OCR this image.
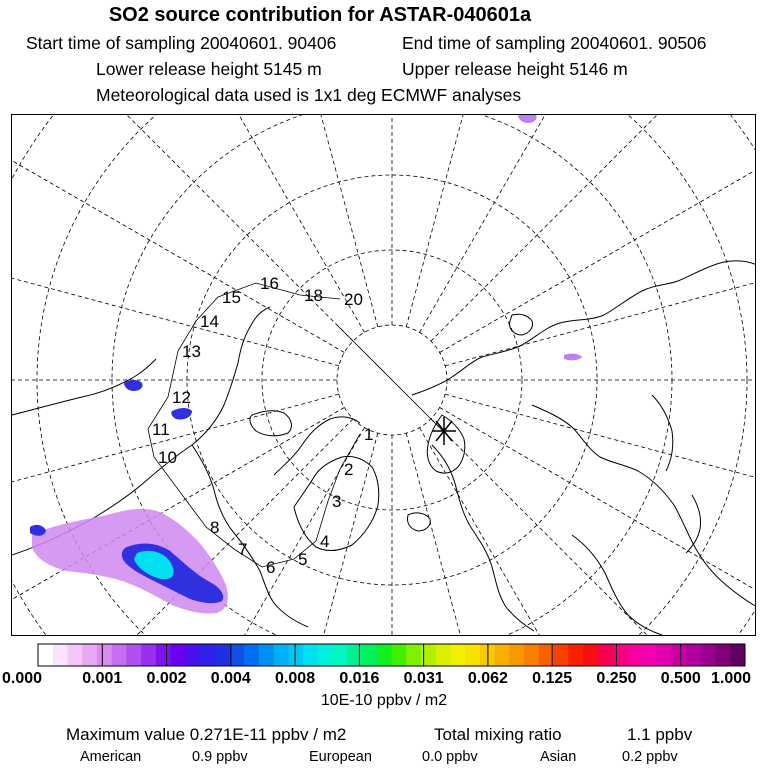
SO2 source contribution for ASTAR-040601a
Start time of sampling 20040601. 90406	End time of sampling 20040601. 90506
Lower release height 5145 m	Upper release height 5146 m
Meteorological data used is 1x1 deg ECMWF analyses
1
2
3
4
5
6
7
8
10
11
12
13
14
15
16
18 20
0.000	0.001 0.002 0.004 0.008 0.016 0.031 0.062 0.125 0.250 0.500 1.000
10E-10 ppbv / m2
Maximum value 0.271E-11 ppbv / m2	Total mixing ratio	1.1 ppbv
American	0.9 ppbv	European	0.0 ppbv	Asian	0.2 ppbv
